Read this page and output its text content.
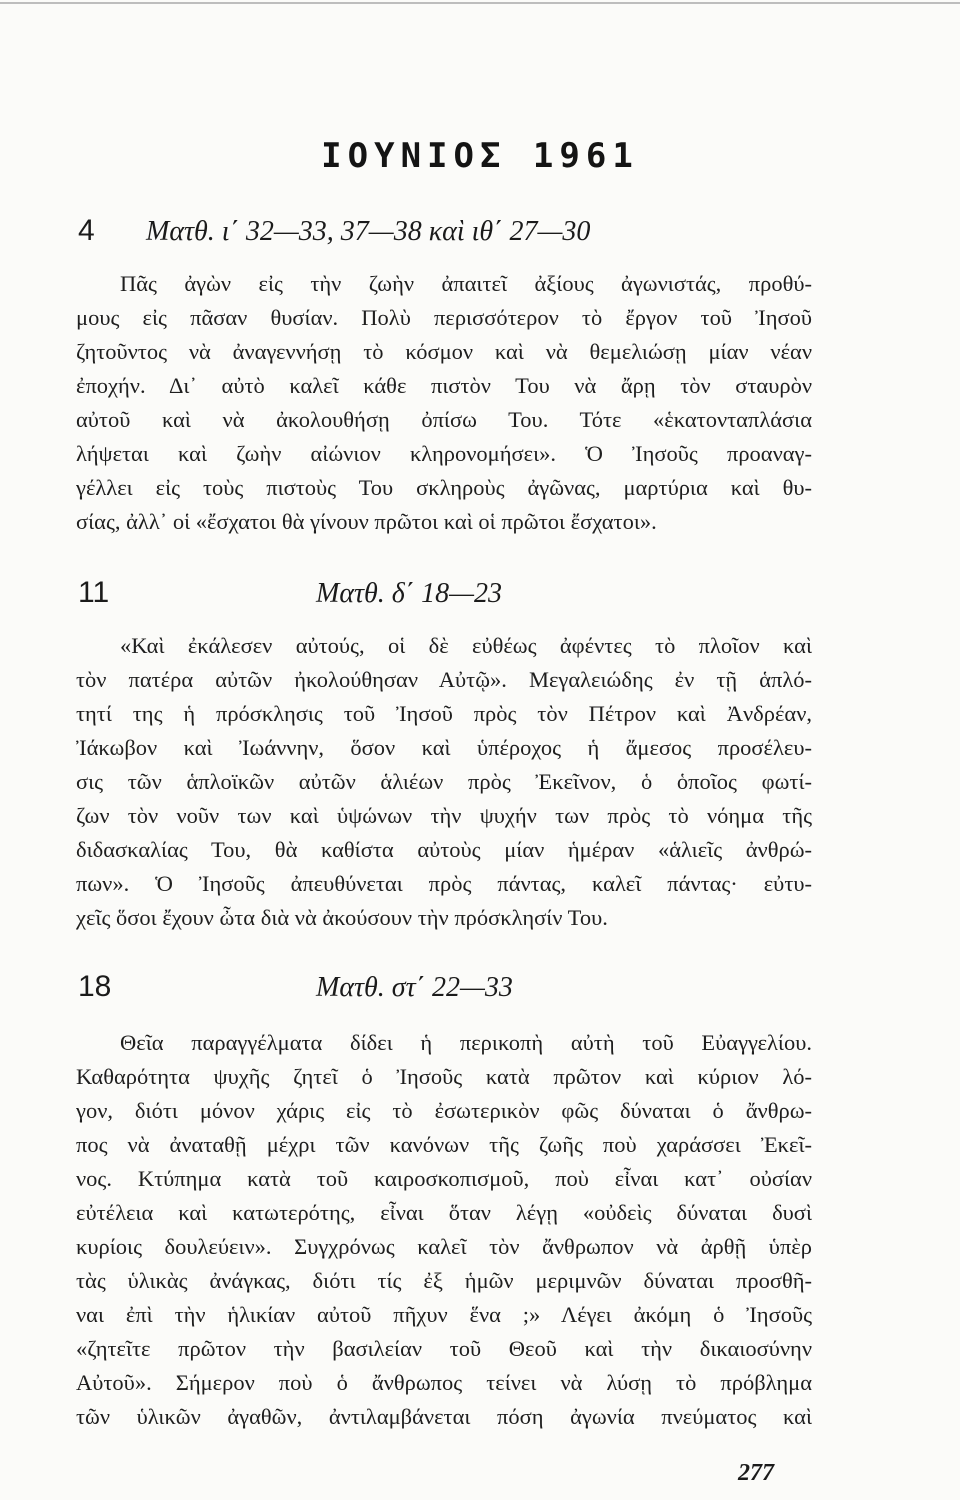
ΙΟΥΝΙΟΣ 1961
4 Ματθ. ι΄ 32—33, 37—38 καὶ ιθ΄ 27—30
Πᾶς ἀγὼν εἰς τὴν ζωὴν ἀπαιτεῖ ἀξίους ἀγωνιστάς, προθύ-
μους εἰς πᾶσαν θυσίαν. Πολὺ περισσότερον τὸ ἔργον τοῦ Ἰησοῦ
ζητοῦντος νὰ ἀναγεννήσῃ τὸ κόσμον καὶ νὰ θεμελιώσῃ μίαν νέαν
ἐποχήν. Δι᾽ αὐτὸ καλεῖ κάθε πιστὸν Του νὰ ἄρῃ τὸν σταυρὸν
αὐτοῦ καὶ νὰ ἀκολουθήσῃ ὀπίσω Του. Τότε «ἑκατονταπλάσια
λήψεται καὶ ζωὴν αἰώνιον κληρονομήσει». Ὁ Ἰησοῦς προαναγ-
γέλλει εἰς τοὺς πιστοὺς Του σκληροὺς ἀγῶνας, μαρτύρια καὶ θυ-
σίας, ἀλλ᾽ οἱ «ἔσχατοι θὰ γίνουν πρῶτοι καὶ οἱ πρῶτοι ἔσχατοι».
11	Ματθ. δ΄ 18—23
«Καὶ ἐκάλεσεν αὐτούς, οἱ δὲ εὐθέως ἀφέντες τὸ πλοῖον καὶ
τὸν πατέρα αὐτῶν ἠκολούθησαν Αὐτῷ». Μεγαλειώδης ἐν τῇ ἁπλό-
τητί της ἡ πρόσκλησις τοῦ Ἰησοῦ πρὸς τὸν Πέτρον καὶ Ἀνδρέαν,
Ἰάκωβον καὶ Ἰωάννην, ὅσον καὶ ὑπέροχος ἡ ἄμεσος προσέλευ-
σις τῶν ἁπλοϊκῶν αὐτῶν ἁλιέων πρὸς Ἐκεῖνον, ὁ ὁποῖος φωτί-
ζων τὸν νοῦν των καὶ ὑψώνων τὴν ψυχήν των πρὸς τὸ νόημα τῆς
διδασκαλίας Του, θὰ καθίστα αὐτοὺς μίαν ἡμέραν «ἁλιεῖς ἀνθρώ-
πων». Ὁ Ἰησοῦς ἀπευθύνεται πρὸς πάντας, καλεῖ πάντας· εὐτυ-
χεῖς ὅσοι ἔχουν ὦτα διὰ νὰ ἀκούσουν τὴν πρόσκλησίν Του.
18	Ματθ. στ΄ 22—33
Θεῖα παραγγέλματα δίδει ἡ περικοπὴ αὐτὴ τοῦ Εὐαγγελίου.
Καθαρότητα ψυχῆς ζητεῖ ὁ Ἰησοῦς κατὰ πρῶτον καὶ κύριον λό-
γον, διότι μόνον χάρις εἰς τὸ ἐσωτερικὸν φῶς δύναται ὁ ἄνθρω-
πος νὰ ἀναταθῇ μέχρι τῶν κανόνων τῆς ζωῆς ποὺ χαράσσει Ἐκεῖ-
νος. Κτύπημα κατὰ τοῦ καιροσκοπισμοῦ, ποὺ εἶναι κατ᾽ οὐσίαν
εὐτέλεια καὶ κατωτερότης, εἶναι ὅταν λέγῃ «οὐδεὶς δύναται δυσὶ
κυρίοις δουλεύειν». Συγχρόνως καλεῖ τὸν ἄνθρωπον νὰ ἀρθῇ ὑπὲρ
τὰς ὑλικὰς ἀνάγκας, διότι τίς ἐξ ἡμῶν μεριμνῶν δύναται προσθῆ-
ναι ἐπὶ τὴν ἡλικίαν αὐτοῦ πῆχυν ἕνα ;» Λέγει ἀκόμη ὁ Ἰησοῦς
«ζητεῖτε πρῶτον τὴν βασιλείαν τοῦ Θεοῦ καὶ τὴν δικαιοσύνην
Αὐτοῦ». Σήμερον ποὺ ὁ ἄνθρωπος τείνει νὰ λύσῃ τὸ πρόβλημα
τῶν ὑλικῶν ἀγαθῶν, ἀντιλαμβάνεται πόση ἀγωνία πνεύματος καὶ
277
